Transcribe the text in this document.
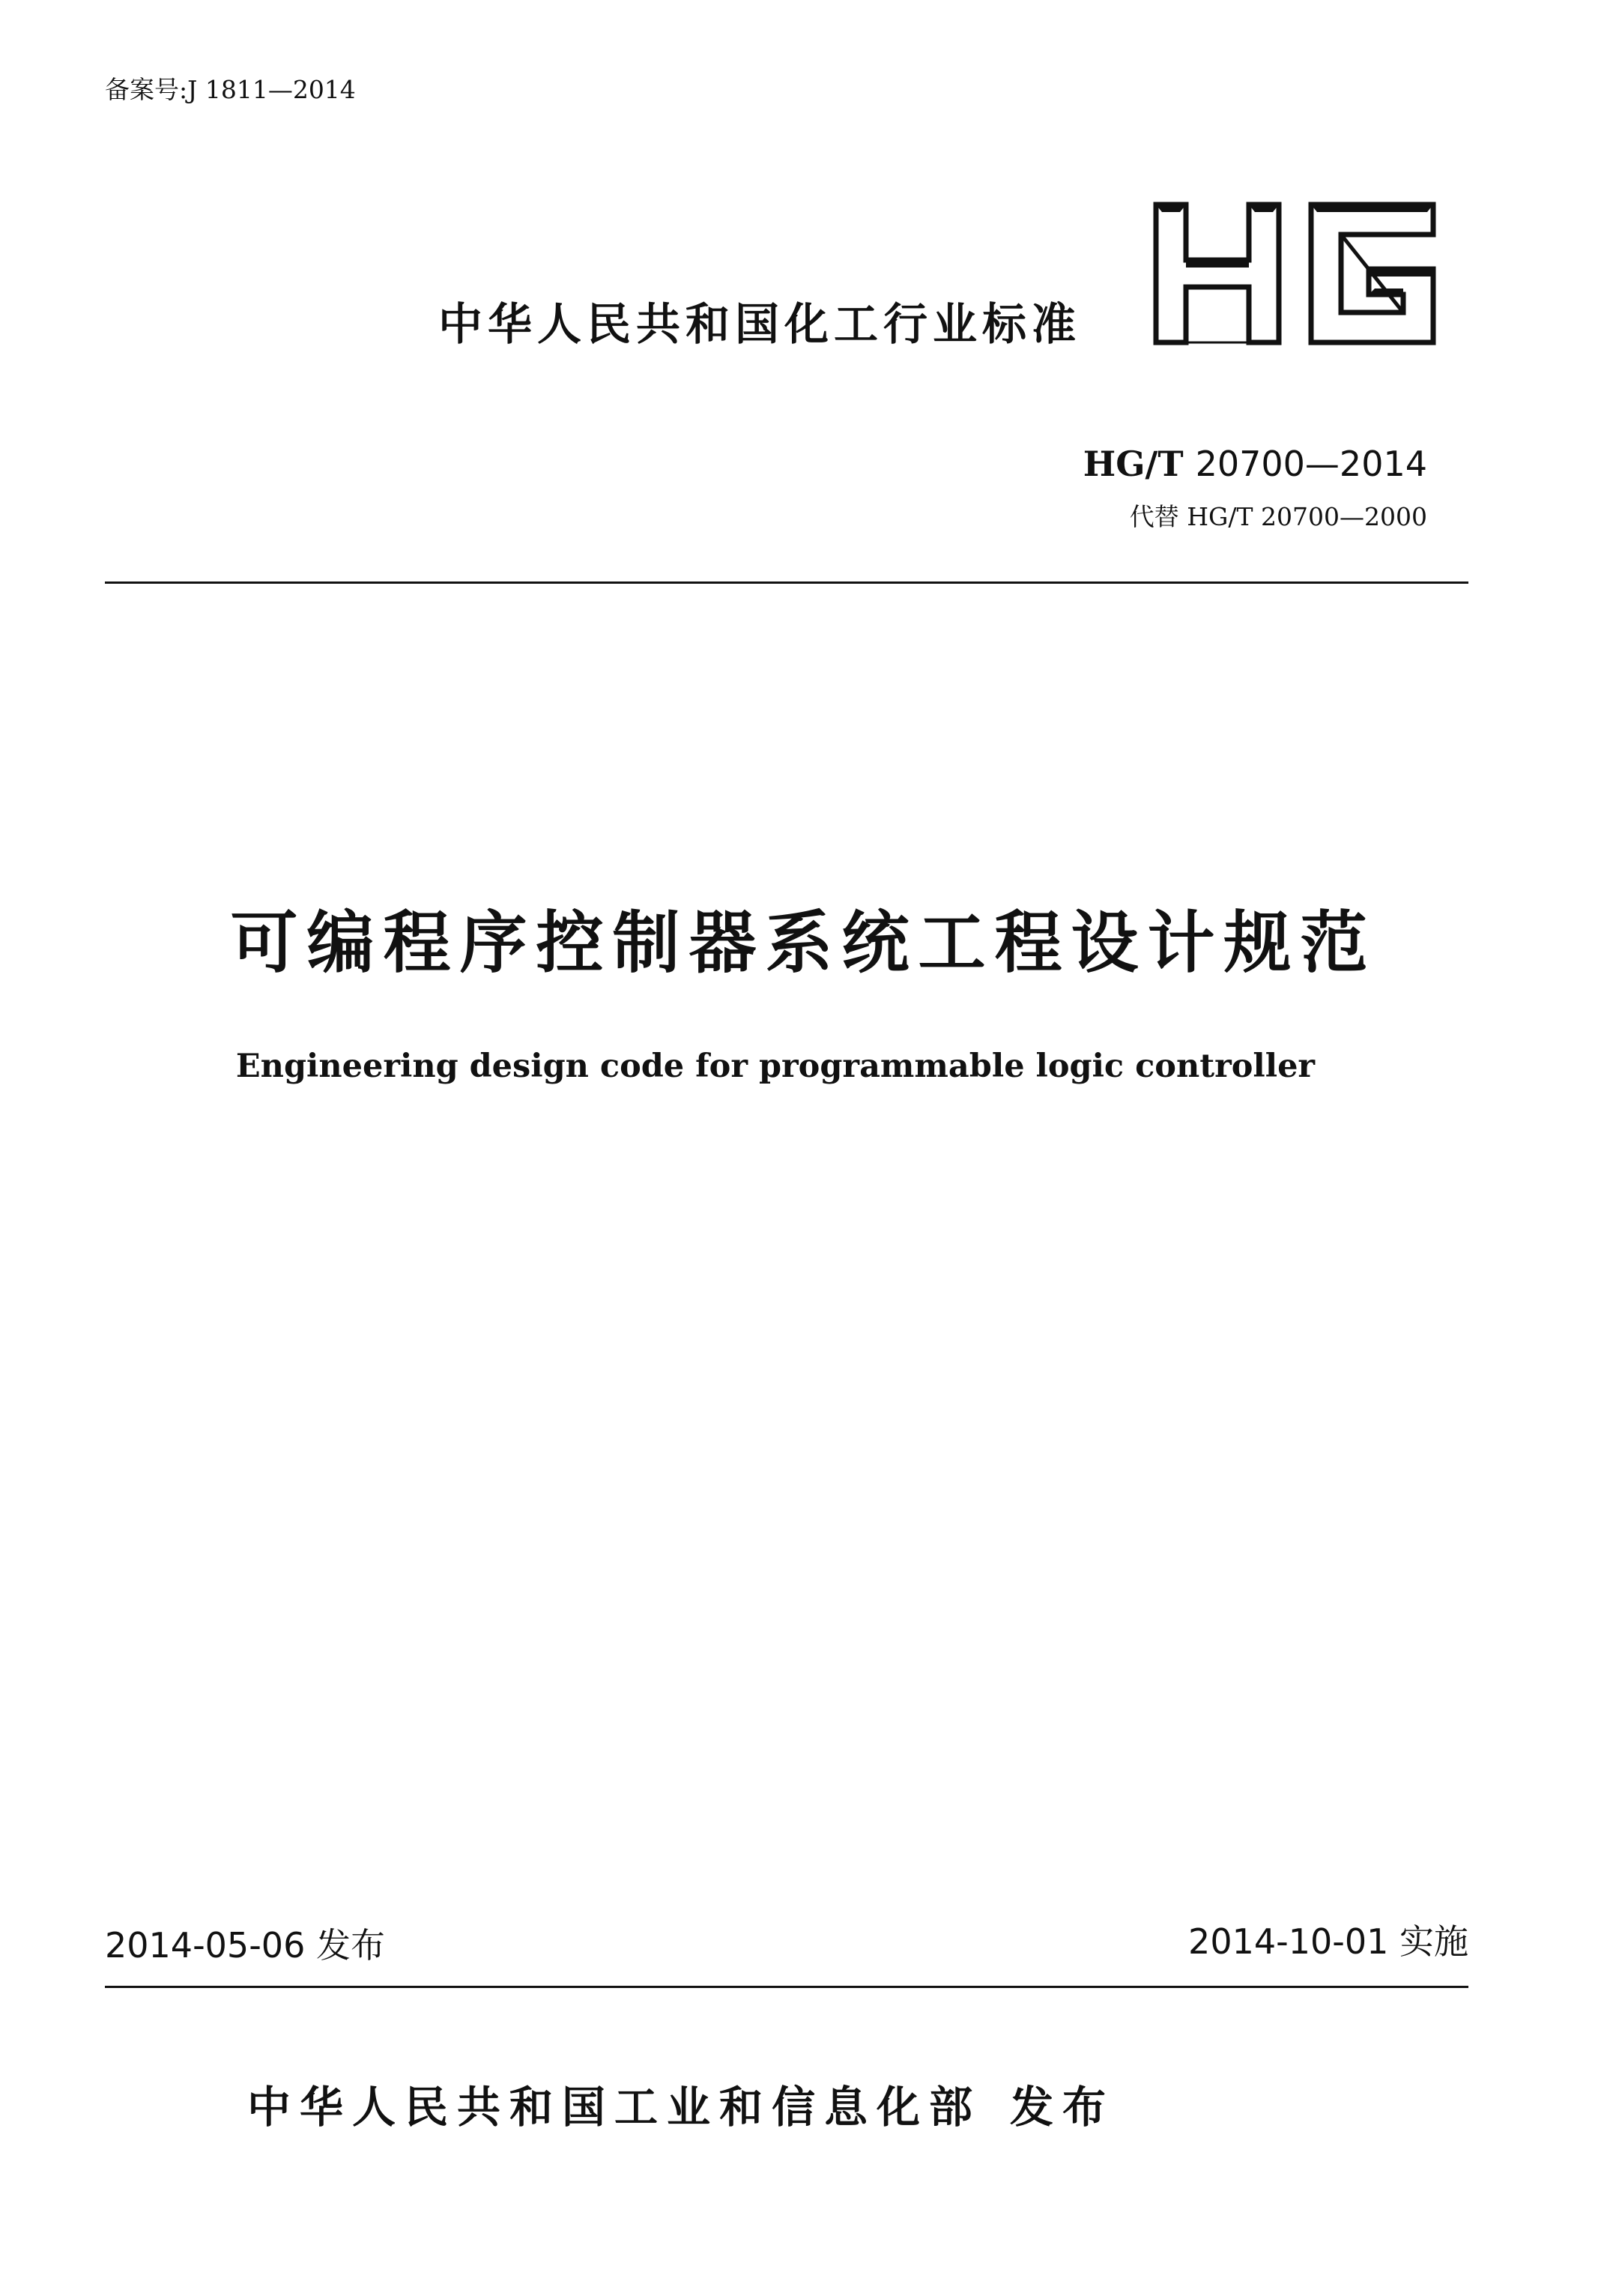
备案号:J 1811—2014
中华人民共和国化工行业标准
HG/T 20700—2014
代替 HG/T 20700—2000
可编程序控制器系统工程设计规范
Engineering design code for programmable logic controller
2014-05-06 发布	2014-10-01 实施
中华人民共和国工业和信息化部 发布
